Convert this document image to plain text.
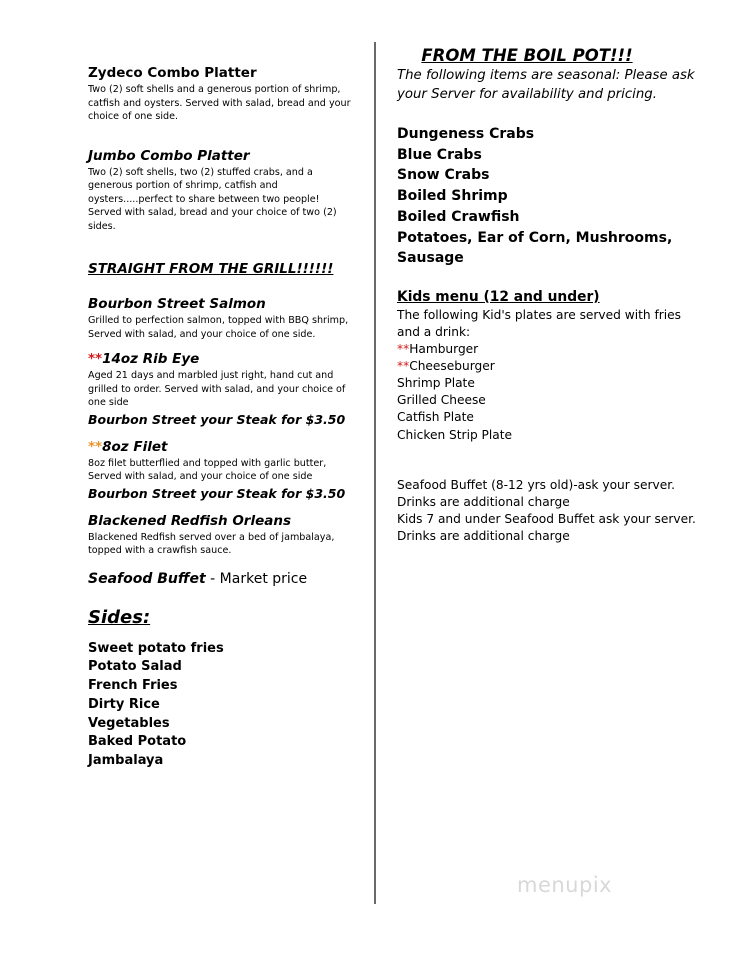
Zydeco Combo Platter
Two (2) soft shells and a generous portion of shrimp, catfish and oysters. Served with salad, bread and your choice of one side.
Jumbo Combo Platter
Two (2) soft shells, two (2) stuffed crabs, and a generous portion of shrimp, catfish and oysters.....perfect to share between two people! Served with salad, bread and your choice of two (2) sides.
STRAIGHT FROM THE GRILL!!!!!!
Bourbon Street Salmon
Grilled to perfection salmon, topped with BBQ shrimp, Served with salad, and your choice of one side.
**14oz Rib Eye
Aged 21 days and marbled just right, hand cut and grilled to order. Served with salad, and your choice of one side
Bourbon Street your Steak for $3.50
**8oz Filet
8oz filet butterflied and topped with garlic butter, Served with salad, and your choice of one side
Bourbon Street your Steak for $3.50
Blackened Redfish Orleans
Blackened Redfish served over a bed of jambalaya, topped with a crawfish sauce.
Seafood Buffet - Market price
Sides:
Sweet potato fries
Potato Salad
French Fries
Dirty Rice
Vegetables
Baked Potato
Jambalaya
FROM THE BOIL POT!!!
The following items are seasonal: Please ask your Server for availability and pricing.
Dungeness Crabs
Blue Crabs
Snow Crabs
Boiled Shrimp
Boiled Crawfish
Potatoes, Ear of Corn, Mushrooms, Sausage
Kids menu (12 and under)
The following Kid's plates are served with fries and a drink:
**Hamburger
**Cheeseburger
Shrimp Plate
Grilled Cheese
Catfish Plate
Chicken Strip Plate
Seafood Buffet (8-12 yrs old)-ask your server. Drinks are additional charge
Kids 7 and under Seafood Buffet ask your server. Drinks are additional charge
menupix
